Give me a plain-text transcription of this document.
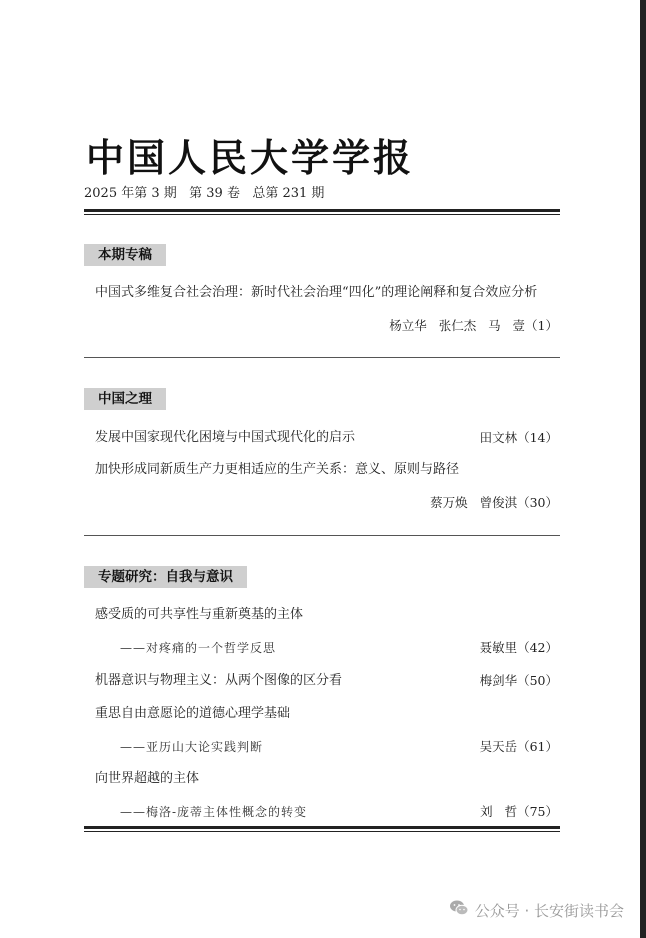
中国人民大学学报
2025 年第 3 期   第 39 卷   总第 231 期
本期专稿
中国式多维复合社会治理：新时代社会治理“四化”的理论阐释和复合效应分析
杨立华   张仁杰   马   壹（1）
中国之理
发展中国家现代化困境与中国式现代化的启示	田文林（14）
加快形成同新质生产力更相适应的生产关系：意义、原则与路径
蔡万焕   曾俊淇（30）
专题研究：自我与意识
感受质的可共享性与重新奠基的主体
——对疼痛的一个哲学反思	聂敏里（42）
机器意识与物理主义：从两个图像的区分看	梅剑华（50）
重思自由意愿论的道德心理学基础
——亚历山大论实践判断	吴天岳（61）
向世界超越的主体
——梅洛-庞蒂主体性概念的转变	刘   哲（75）
公众号 · 长安街读书会
